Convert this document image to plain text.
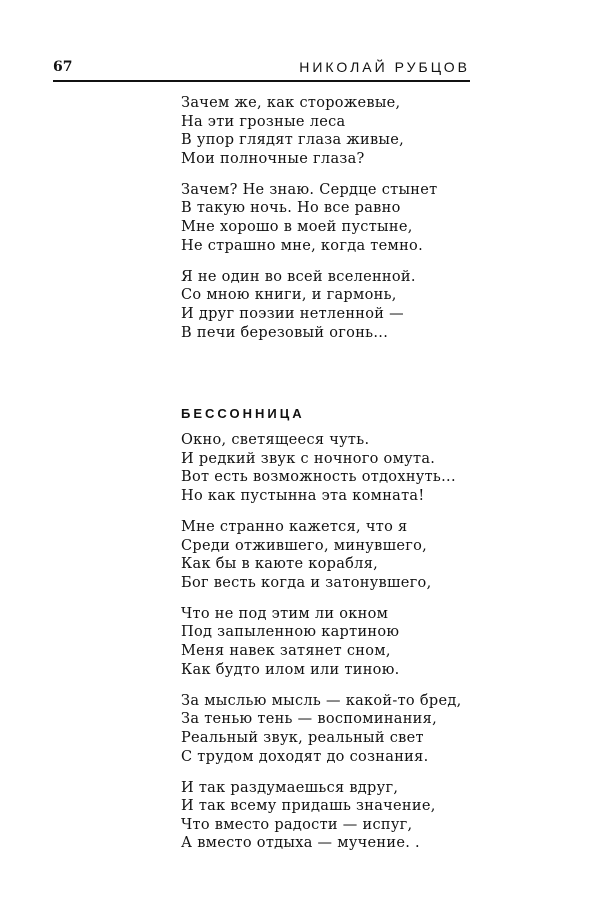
67	НИКОЛАЙ РУБЦОВ
Зачем же, как сторожевые,
На эти грозные леса
В упор глядят глаза живые,
Мои полночные глаза?
Зачем? Не знаю. Сердце стынет
В такую ночь. Но все равно
Мне хорошо в моей пустыне,
Не страшно мне, когда темно.
Я не один во всей вселенной.
Со мною книги, и гармонь,
И друг поэзии нетленной —
В печи березовый огонь...
БЕССОННИЦА
Окно, светящееся чуть.
И редкий звук с ночного омута.
Вот есть возможность отдохнуть...
Но как пустынна эта комната!
Мне странно кажется, что я
Среди отжившего, минувшего,
Как бы в каюте корабля,
Бог весть когда и затонувшего,
Что не под этим ли окном
Под запыленною картиною
Меня навек затянет сном,
Как будто илом или тиною.
За мыслью мысль — какой-то бред,
За тенью тень — воспоминания,
Реальный звук, реальный свет
С трудом доходят до сознания.
И так раздумаешься вдруг,
И так всему придашь значение,
Что вместо радости — испуг,
А вместо отдыха — мучение. .
